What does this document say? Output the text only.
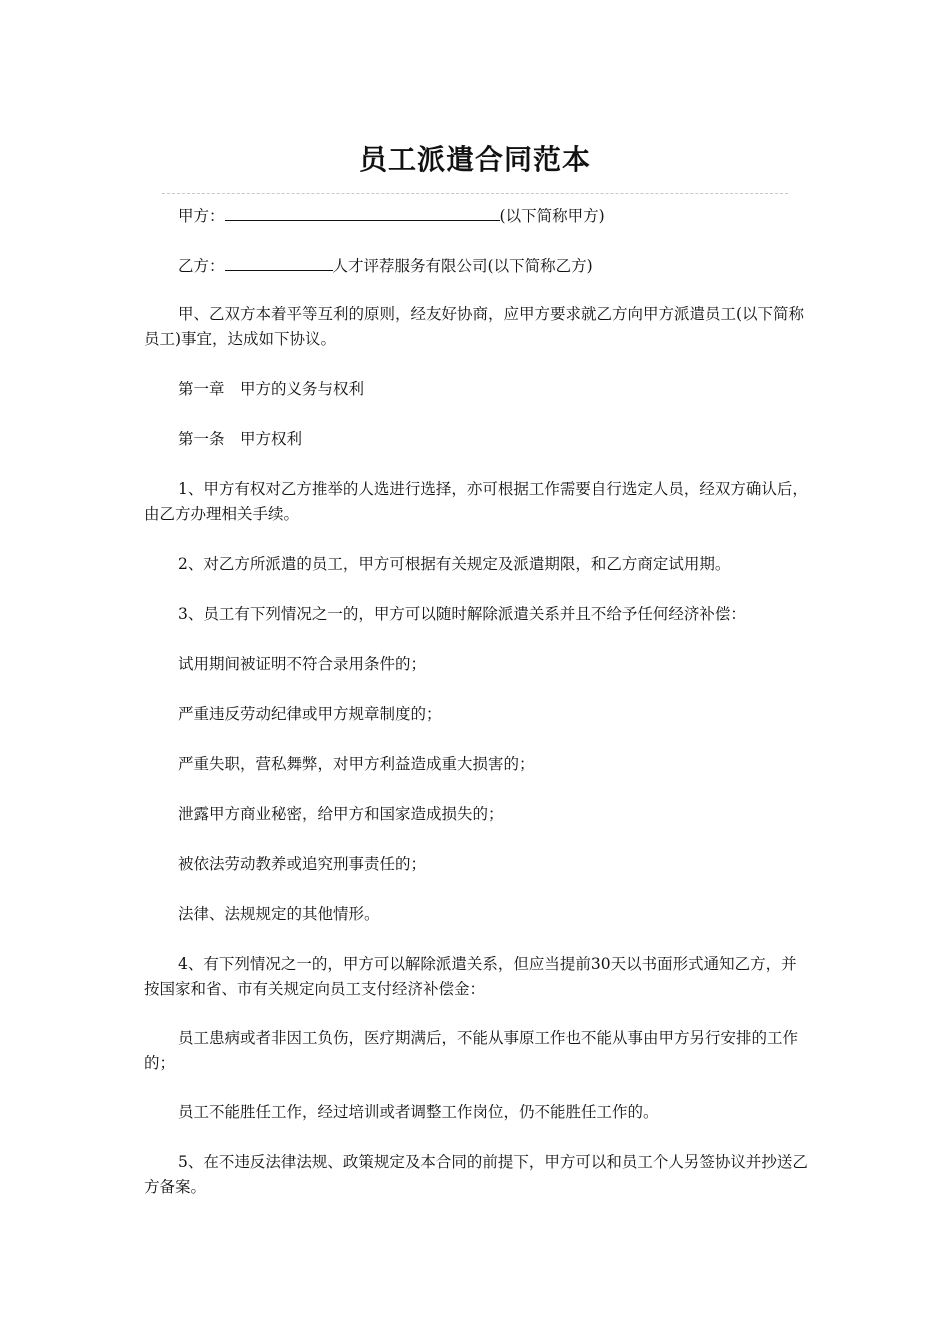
员工派遣合同范本

甲方：	(以下简称甲方)

乙方：	人才评荐服务有限公司(以下简称乙方)

甲、乙双方本着平等互利的原则，经友好协商，应甲方要求就乙方向甲方派遣员工(以下简称员工)事宜，达成如下协议。

第一章　甲方的义务与权利

第一条　甲方权利

1、甲方有权对乙方推举的人选进行选择，亦可根据工作需要自行选定人员，经双方确认后，由乙方办理相关手续。

2、对乙方所派遣的员工，甲方可根据有关规定及派遣期限，和乙方商定试用期。

3、员工有下列情况之一的，甲方可以随时解除派遣关系并且不给予任何经济补偿：

试用期间被证明不符合录用条件的；

严重违反劳动纪律或甲方规章制度的；

严重失职，营私舞弊，对甲方利益造成重大损害的；

泄露甲方商业秘密，给甲方和国家造成损失的；

被依法劳动教养或追究刑事责任的；

法律、法规规定的其他情形。

4、有下列情况之一的，甲方可以解除派遣关系，但应当提前30天以书面形式通知乙方，并按国家和省、市有关规定向员工支付经济补偿金：

员工患病或者非因工负伤，医疗期满后，不能从事原工作也不能从事由甲方另行安排的工作的；

员工不能胜任工作，经过培训或者调整工作岗位，仍不能胜任工作的。

5、在不违反法律法规、政策规定及本合同的前提下，甲方可以和员工个人另签协议并抄送乙方备案。
